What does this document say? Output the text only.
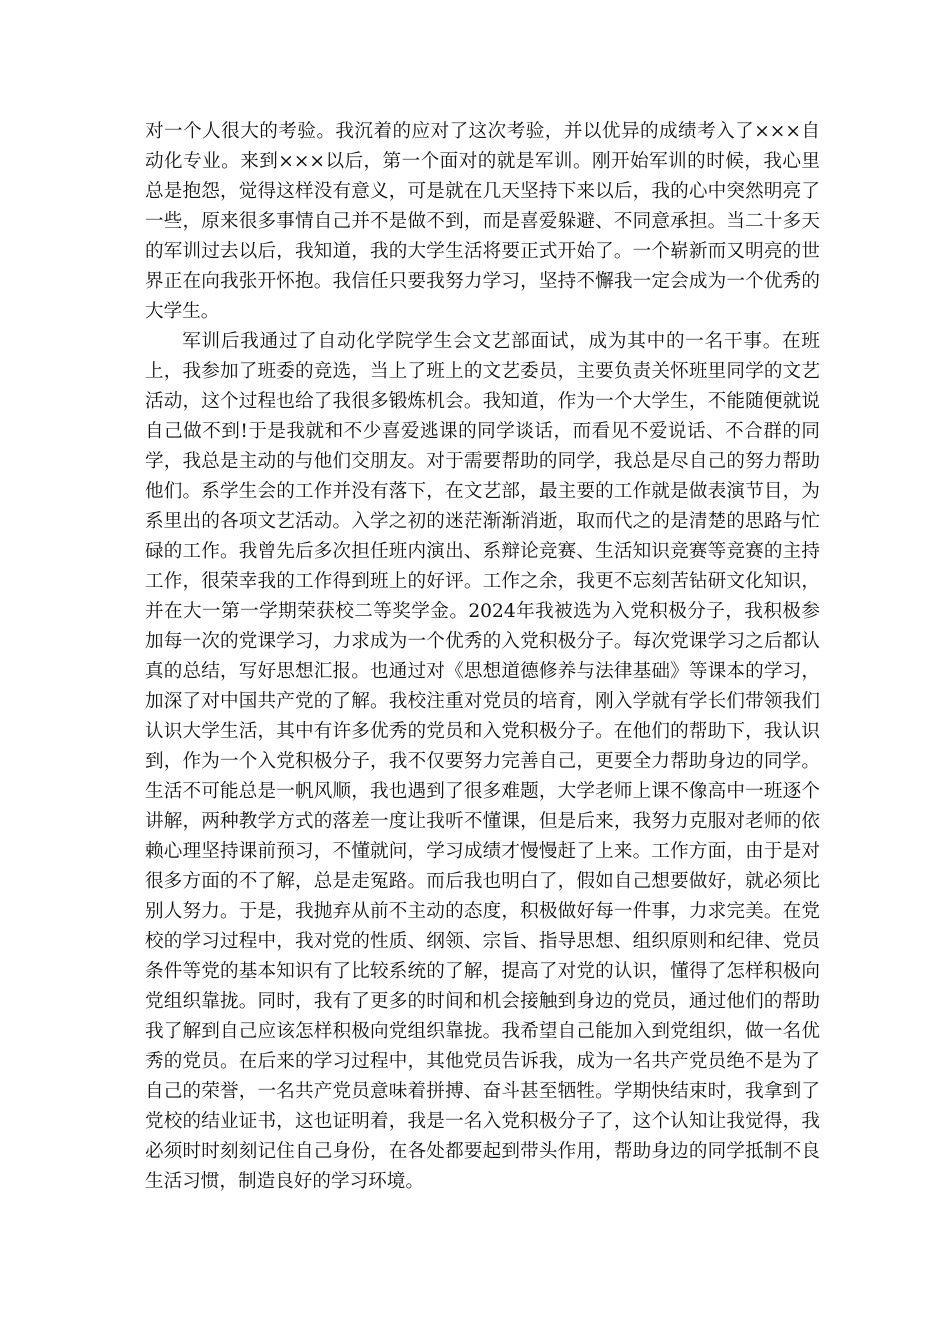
对一个人很大的考验。我沉着的应对了这次考验，并以优异的成绩考入了×××自动化专业。来到×××以后，第一个面对的就是军训。刚开始军训的时候，我心里总是抱怨，觉得这样没有意义，可是就在几天坚持下来以后，我的心中突然明亮了一些，原来很多事情自己并不是做不到，而是喜爱躲避、不同意承担。当二十多天的军训过去以后，我知道，我的大学生活将要正式开始了。一个崭新而又明亮的世界正在向我张开怀抱。我信任只要我努力学习，坚持不懈我一定会成为一个优秀的大学生。

军训后我通过了自动化学院学生会文艺部面试，成为其中的一名干事。在班上，我参加了班委的竞选，当上了班上的文艺委员，主要负责关怀班里同学的文艺活动，这个过程也给了我很多锻炼机会。我知道，作为一个大学生，不能随便就说自己做不到!于是我就和不少喜爱逃课的同学谈话，而看见不爱说话、不合群的同学，我总是主动的与他们交朋友。对于需要帮助的同学，我总是尽自己的努力帮助他们。系学生会的工作并没有落下，在文艺部，最主要的工作就是做表演节目，为系里出的各项文艺活动。入学之初的迷茫渐渐消逝，取而代之的是清楚的思路与忙碌的工作。我曾先后多次担任班内演出、系辩论竞赛、生活知识竞赛等竞赛的主持工作，很荣幸我的工作得到班上的好评。工作之余，我更不忘刻苦钻研文化知识，并在大一第一学期荣获校二等奖学金。2024年我被选为入党积极分子，我积极参加每一次的党课学习，力求成为一个优秀的入党积极分子。每次党课学习之后都认真的总结，写好思想汇报。也通过对《思想道德修养与法律基础》等课本的学习，加深了对中国共产党的了解。我校注重对党员的培育，刚入学就有学长们带领我们认识大学生活，其中有许多优秀的党员和入党积极分子。在他们的帮助下，我认识到，作为一个入党积极分子，我不仅要努力完善自己，更要全力帮助身边的同学。生活不可能总是一帆风顺，我也遇到了很多难题，大学老师上课不像高中一班逐个讲解，两种教学方式的落差一度让我听不懂课，但是后来，我努力克服对老师的依赖心理坚持课前预习，不懂就问，学习成绩才慢慢赶了上来。工作方面，由于是对很多方面的不了解，总是走冤路。而后我也明白了，假如自己想要做好，就必须比别人努力。于是，我抛弃从前不主动的态度，积极做好每一件事，力求完美。在党校的学习过程中，我对党的性质、纲领、宗旨、指导思想、组织原则和纪律、党员条件等党的基本知识有了比较系统的了解，提高了对党的认识，懂得了怎样积极向党组织靠拢。同时，我有了更多的时间和机会接触到身边的党员，通过他们的帮助我了解到自己应该怎样积极向党组织靠拢。我希望自己能加入到党组织，做一名优秀的党员。在后来的学习过程中，其他党员告诉我，成为一名共产党员绝不是为了自己的荣誉，一名共产党员意味着拼搏、奋斗甚至牺牲。学期快结束时，我拿到了党校的结业证书，这也证明着，我是一名入党积极分子了，这个认知让我觉得，我必须时时刻刻记住自己身份，在各处都要起到带头作用，帮助身边的同学抵制不良生活习惯，制造良好的学习环境。
